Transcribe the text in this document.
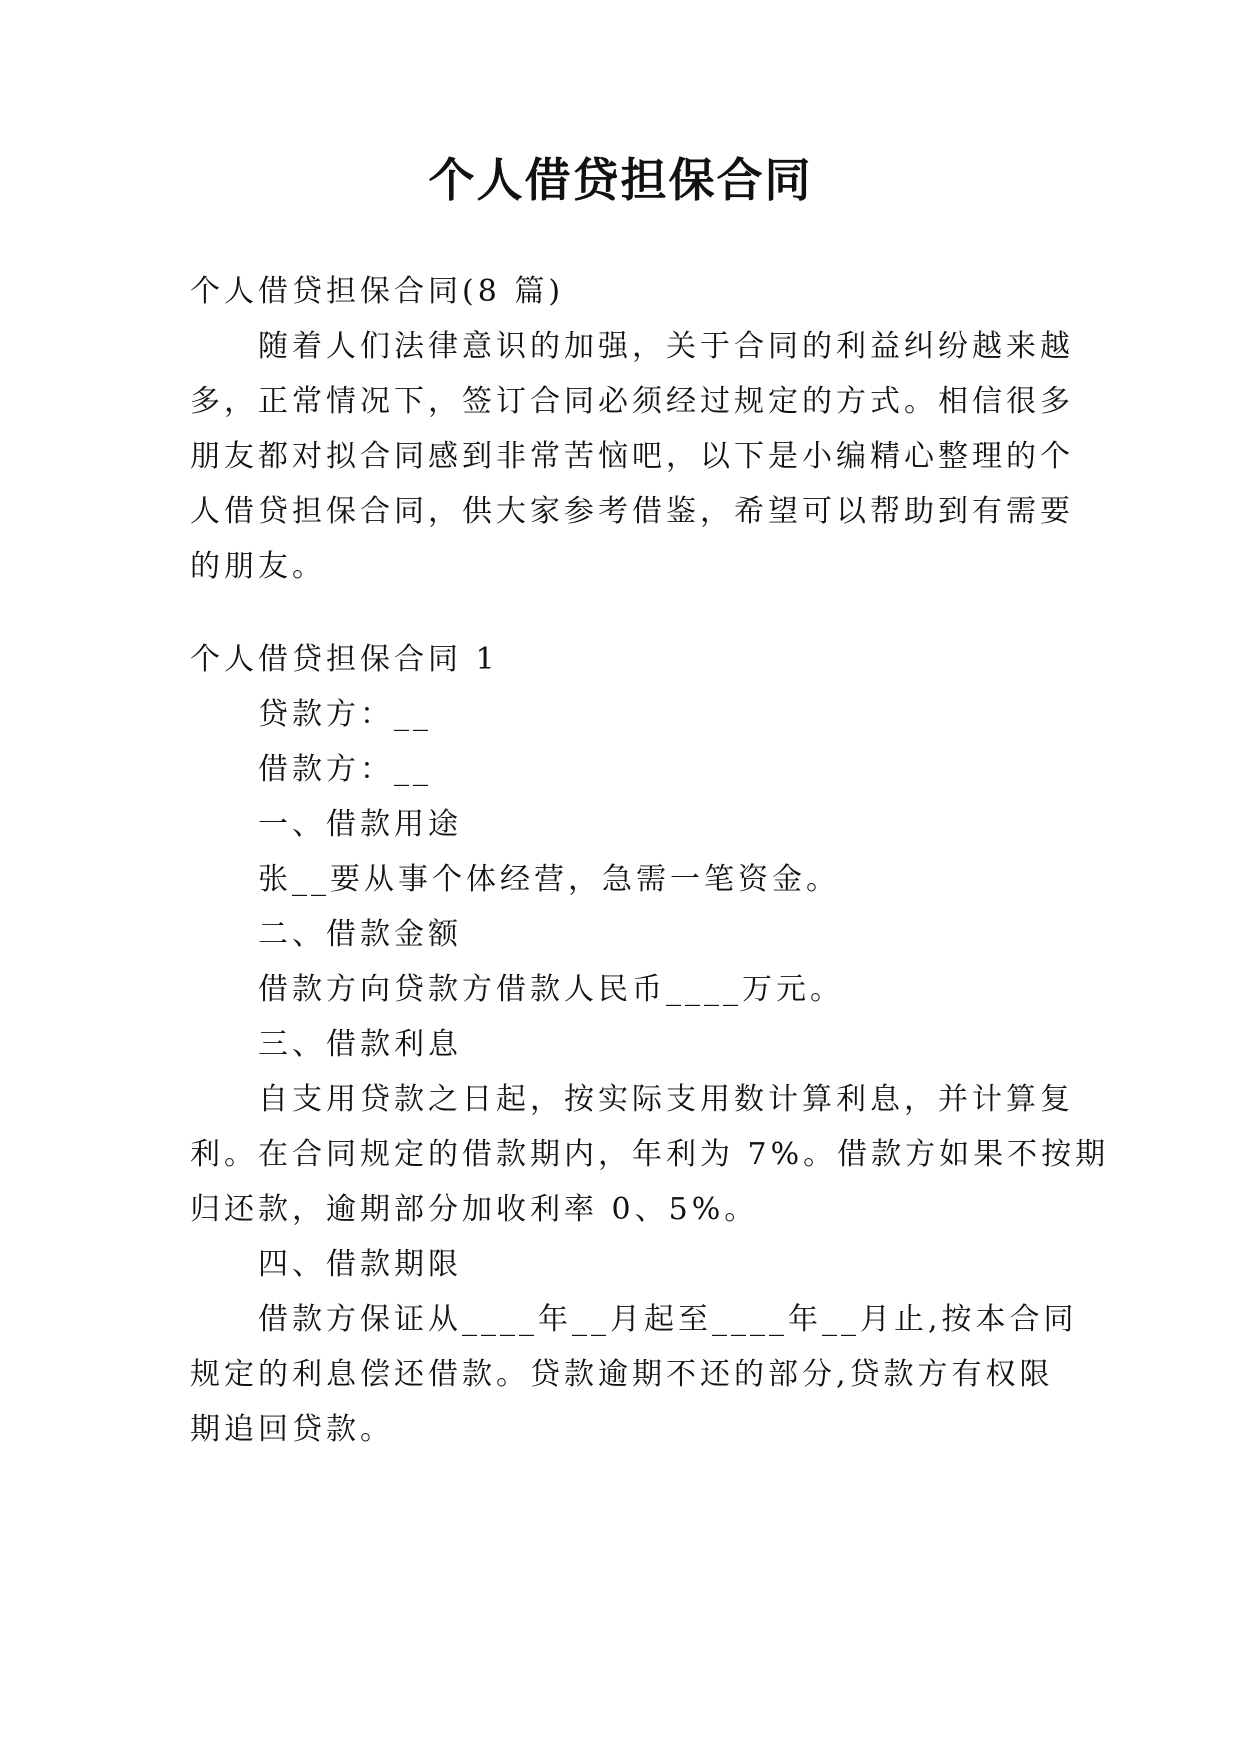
个人借贷担保合同
个人借贷担保合同(8 篇)
随着人们法律意识的加强，关于合同的利益纠纷越来越
多，正常情况下，签订合同必须经过规定的方式。相信很多
朋友都对拟合同感到非常苦恼吧，以下是小编精心整理的个
人借贷担保合同，供大家参考借鉴，希望可以帮助到有需要
的朋友。
个人借贷担保合同 1
贷款方：__
借款方：__
一、借款用途
张__要从事个体经营，急需一笔资金。
二、借款金额
借款方向贷款方借款人民币____万元。
三、借款利息
自支用贷款之日起，按实际支用数计算利息，并计算复
利。在合同规定的借款期内，年利为 7%。借款方如果不按期
归还款，逾期部分加收利率 0、5%。
四、借款期限
借款方保证从____年__月起至____年__月止,按本合同
规定的利息偿还借款。贷款逾期不还的部分,贷款方有权限
期追回贷款。
